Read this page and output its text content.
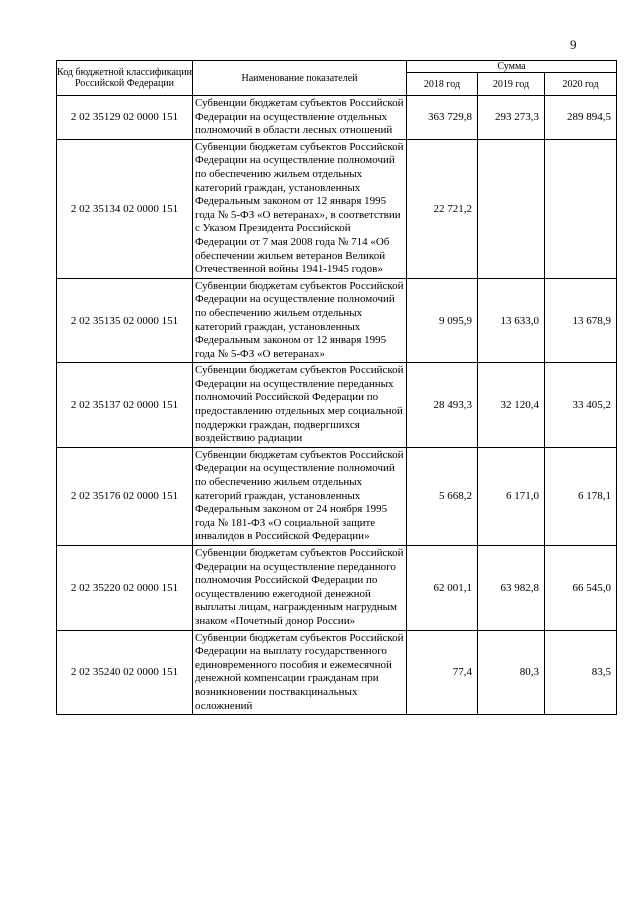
9
Код бюджетной классификации Российской Федерации	Наименование показателей	Сумма		
		2018 год	2019 год	2020 год
2 02 35129 02 0000 151	Субвенции бюджетам субъектов Российской Федерации на осуществление отдельных полномочий в области лесных отношений	363 729,8	293 273,3	289 894,5
2 02 35134 02 0000 151	Субвенции бюджетам субъектов Российской Федерации на осуществление полномочий по обеспечению жильем отдельных категорий граждан, установленных Федеральным законом от 12 января 1995 года № 5-ФЗ «О ветеранах», в соответствии с Указом Президента Российской Федерации от 7 мая 2008 года № 714 «Об обеспечении жильем ветеранов Великой Отечественной войны 1941-1945 годов»	22 721,2		
2 02 35135 02 0000 151	Субвенции бюджетам субъектов Российской Федерации на осуществление полномочий по обеспечению жильем отдельных категорий граждан, установленных Федеральным законом от 12 января 1995 года № 5-ФЗ «О ветеранах»	9 095,9	13 633,0	13 678,9
2 02 35137 02 0000 151	Субвенции бюджетам субъектов Российской Федерации на осуществление переданных полномочий Российской Федерации по предоставлению отдельных мер социальной поддержки граждан, подвергшихся воздействию радиации	28 493,3	32 120,4	33 405,2
2 02 35176 02 0000 151	Субвенции бюджетам субъектов Российской Федерации на осуществление полномочий по обеспечению жильем отдельных категорий граждан, установленных Федеральным законом от 24 ноября 1995 года № 181-ФЗ «О социальной защите инвалидов в Российской Федерации»	5 668,2	6 171,0	6 178,1
2 02 35220 02 0000 151	Субвенции бюджетам субъектов Российской Федерации на осуществление переданного полномочия Российской Федерации по осуществлению ежегодной денежной выплаты лицам, награжденным нагрудным знаком «Почетный донор России»	62 001,1	63 982,8	66 545,0
2 02 35240 02 0000 151	Субвенции бюджетам субъектов Российской Федерации на выплату государственного единовременного пособия и ежемесячной денежной компенсации гражданам при возникновении поствакцинальных осложнений	77,4	80,3	83,5
